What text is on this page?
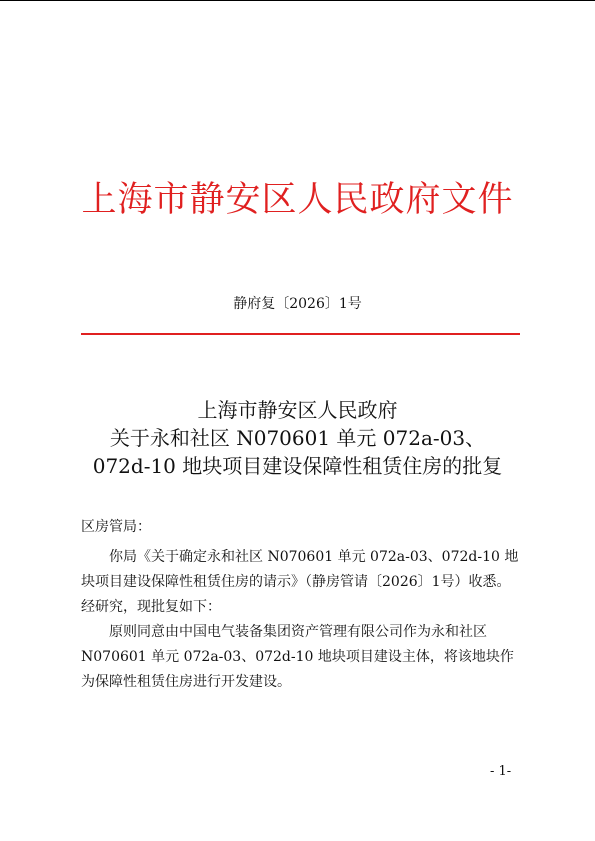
上海市静安区人民政府文件
静府复〔2026〕1号
上海市静安区人民政府
关于永和社区 N070601 单元 072a-03、
072d-10 地块项目建设保障性租赁住房的批复
区房管局：

你局《关于确定永和社区 N070601 单元 072a-03、072d-10 地块项目建设保障性租赁住房的请示》（静房管请〔2026〕1号）收悉。经研究，现批复如下：

原则同意由中国电气装备集团资产管理有限公司作为永和社区 N070601 单元 072a-03、072d-10 地块项目建设主体，将该地块作为保障性租赁住房进行开发建设。

- 1-
